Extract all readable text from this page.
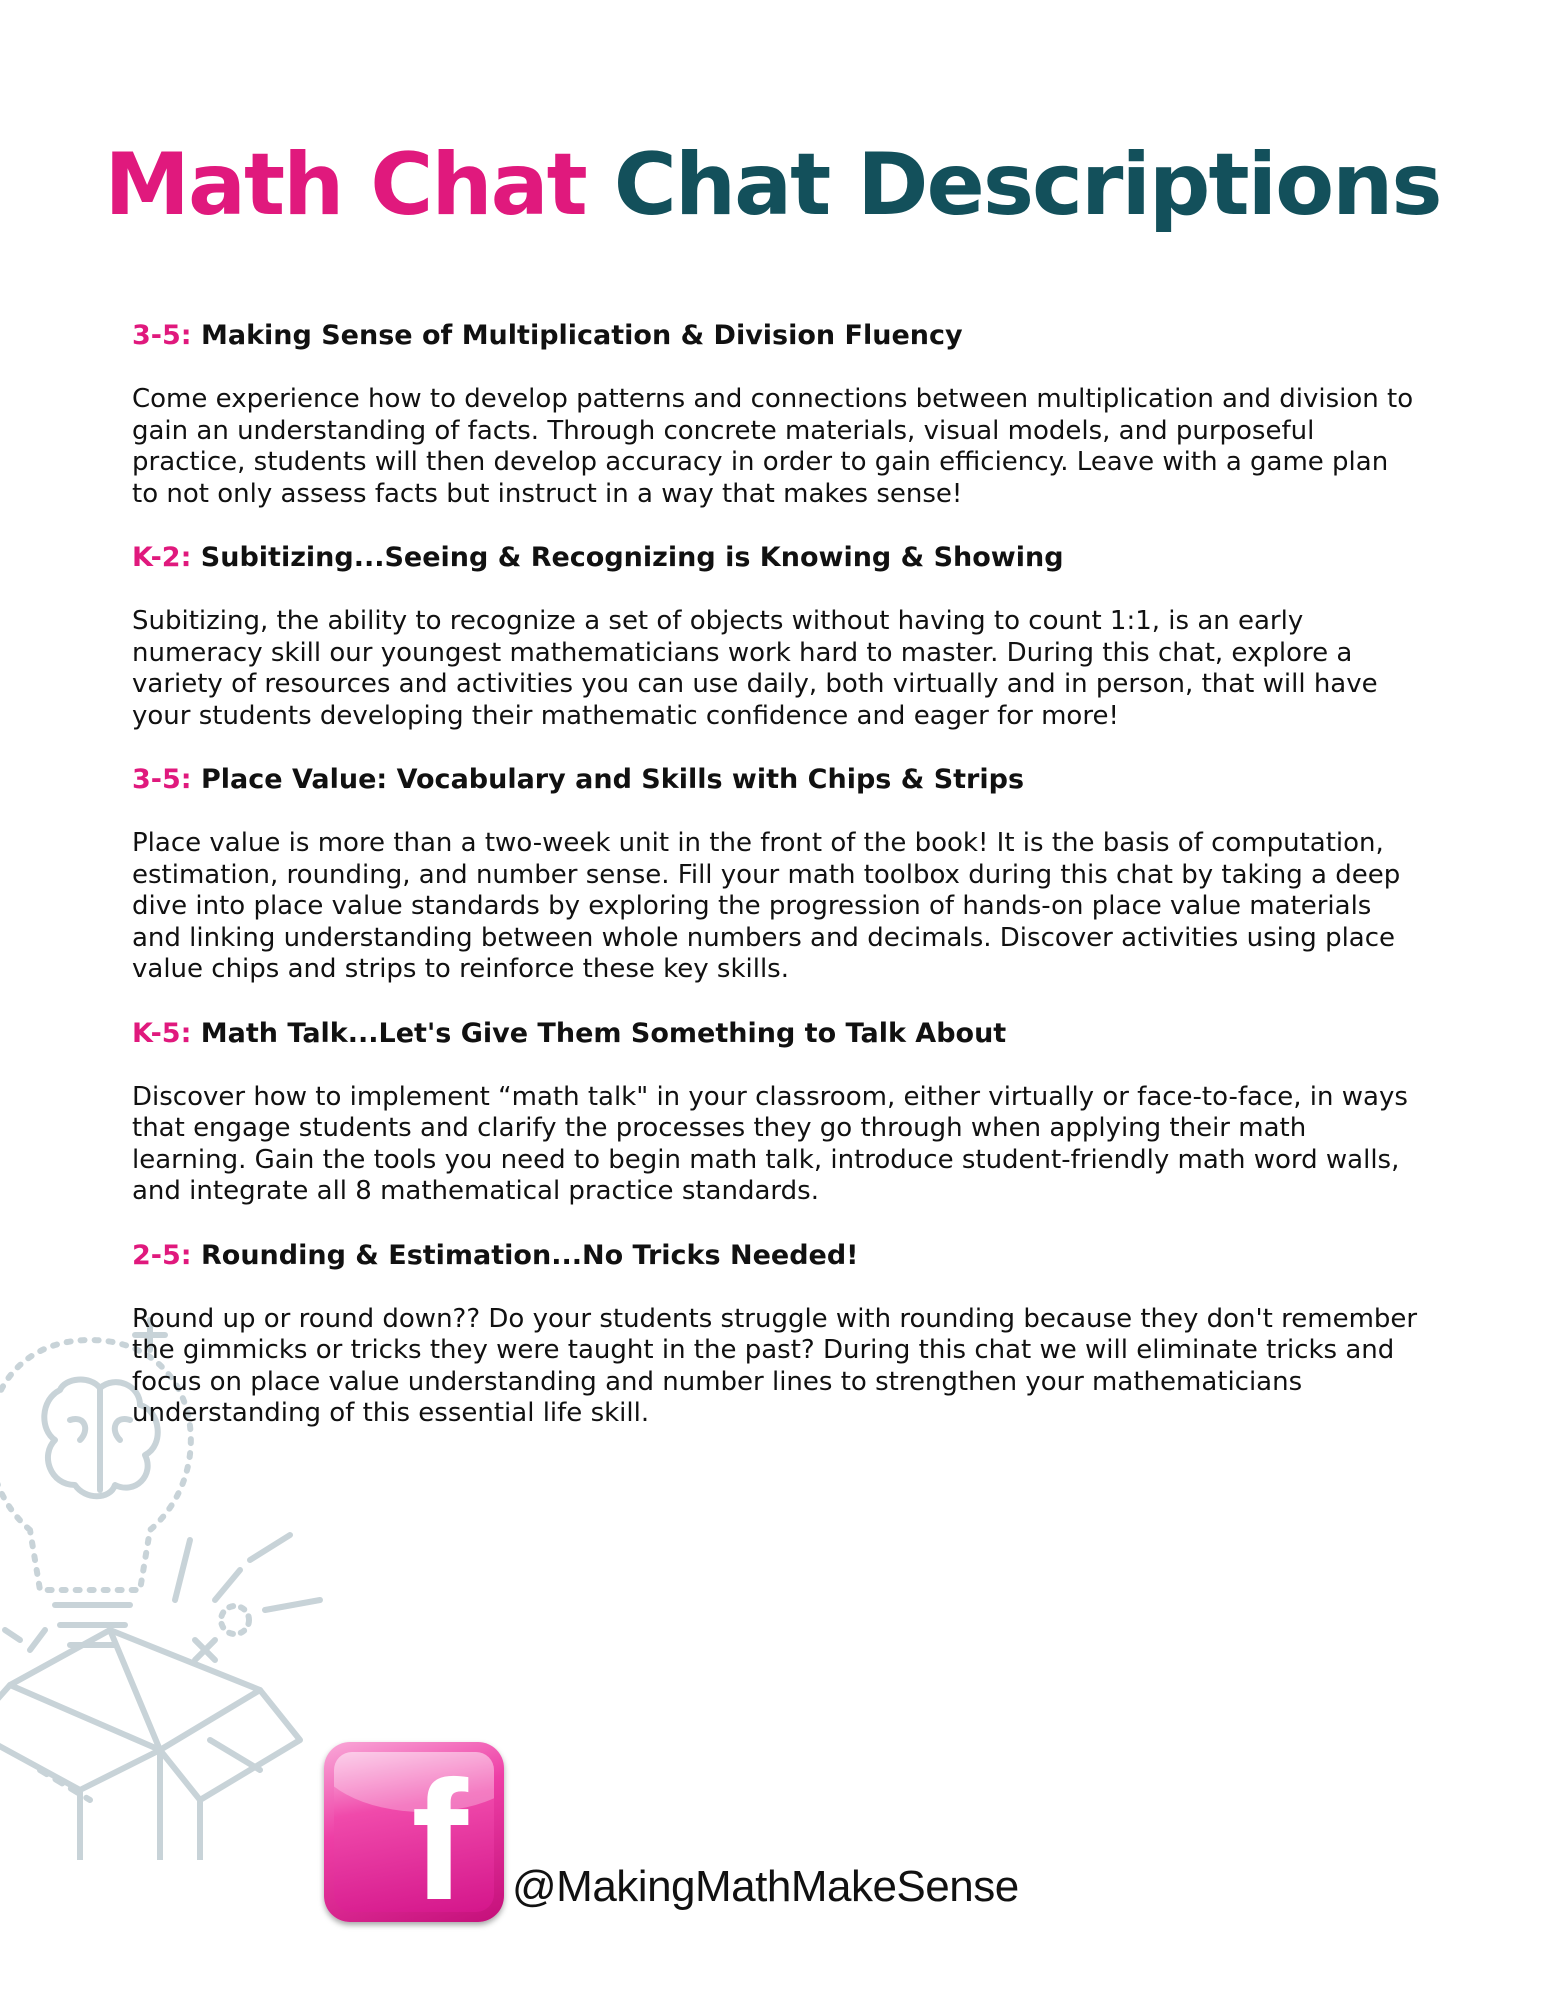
Math Chat Chat Descriptions

3-5: Making Sense of Multiplication & Division Fluency

Come experience how to develop patterns and connections between multiplication and division to gain an understanding of facts. Through concrete materials, visual models, and purposeful practice, students will then develop accuracy in order to gain efficiency. Leave with a game plan to not only assess facts but instruct in a way that makes sense!

K-2: Subitizing...Seeing & Recognizing is Knowing & Showing

Subitizing, the ability to recognize a set of objects without having to count 1:1, is an early numeracy skill our youngest mathematicians work hard to master. During this chat, explore a variety of resources and activities you can use daily, both virtually and in person, that will have your students developing their mathematic confidence and eager for more!

3-5: Place Value: Vocabulary and Skills with Chips & Strips

Place value is more than a two-week unit in the front of the book! It is the basis of computation, estimation, rounding, and number sense. Fill your math toolbox during this chat by taking a deep dive into place value standards by exploring the progression of hands-on place value materials and linking understanding between whole numbers and decimals. Discover activities using place value chips and strips to reinforce these key skills.

K-5: Math Talk...Let's Give Them Something to Talk About

Discover how to implement “math talk" in your classroom, either virtually or face-to-face, in ways that engage students and clarify the processes they go through when applying their math learning. Gain the tools you need to begin math talk, introduce student-friendly math word walls, and integrate all 8 mathematical practice standards.

2-5: Rounding & Estimation...No Tricks Needed!

Round up or round down?? Do your students struggle with rounding because they don't remember the gimmicks or tricks they were taught in the past? During this chat we will eliminate tricks and focus on place value understanding and number lines to strengthen your mathematicians understanding of this essential life skill.

f @MakingMathMakeSense
